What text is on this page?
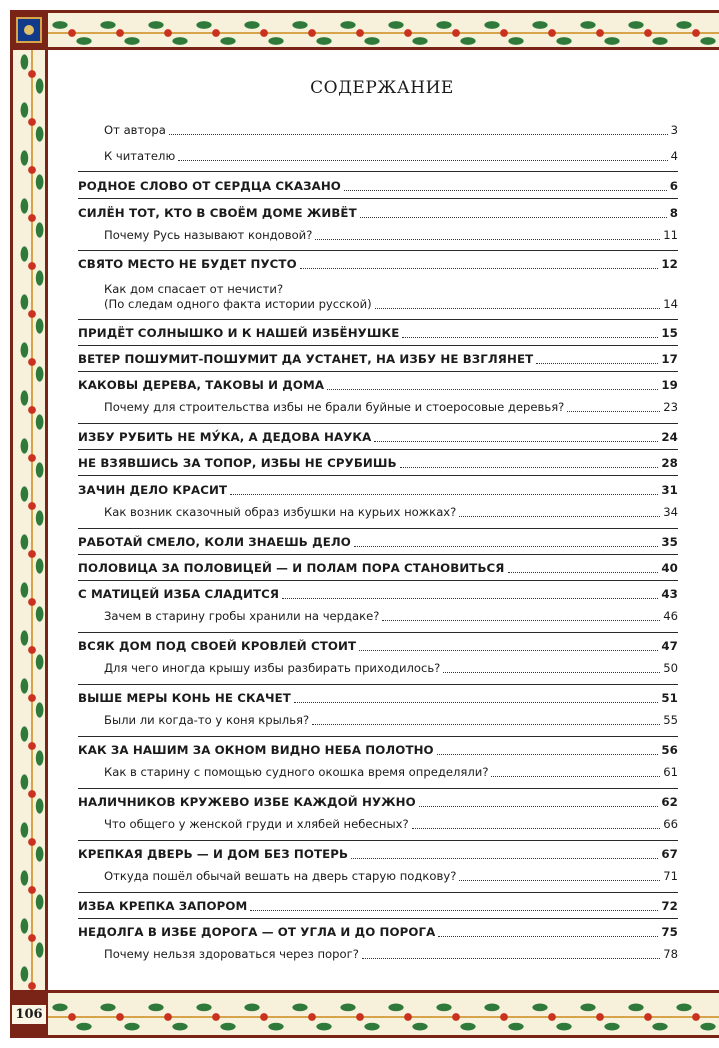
106
СОДЕРЖАНИЕ
От автора	3
К читателю	4
РОДНОЕ СЛОВО ОТ СЕРДЦА СКАЗАНО	6
СИЛЁН ТОТ, КТО В СВОЁМ ДОМЕ ЖИВЁТ	8
Почему Русь называют кондовой?	11
СВЯТО МЕСТО НЕ БУДЕТ ПУСТО	12
Как дом спасает от нечисти?
(По следам одного факта истории русской)	14
ПРИДЁТ СОЛНЫШКО И К НАШЕЙ ИЗБЁНУШКЕ	15
ВЕТЕР ПОШУМИТ-ПОШУМИТ ДА УСТАНЕТ, НА ИЗБУ НЕ ВЗГЛЯНЕТ	17
КАКОВЫ ДЕРЕВА, ТАКОВЫ И ДОМА	19
Почему для строительства избы не брали буйные и стоеросовые деревья?	23
ИЗБУ РУБИТЬ НЕ МУ́КА, А ДЕДОВА НАУКА	24
НЕ ВЗЯВШИСЬ ЗА ТОПОР, ИЗБЫ НЕ СРУБИШЬ	28
ЗАЧИН ДЕЛО КРАСИТ	31
Как возник сказочный образ избушки на курьих ножках?	34
РАБОТАЙ СМЕЛО, КОЛИ ЗНАЕШЬ ДЕЛО	35
ПОЛОВИЦА ЗА ПОЛОВИЦЕЙ — И ПОЛАМ ПОРА СТАНОВИТЬСЯ	40
С МАТИЦЕЙ ИЗБА СЛАДИТСЯ	43
Зачем в старину гробы хранили на чердаке?	46
ВСЯК ДОМ ПОД СВОЕЙ КРОВЛЕЙ СТОИТ	47
Для чего иногда крышу избы разбирать приходилось?	50
ВЫШЕ МЕРЫ КОНЬ НЕ СКАЧЕТ	51
Были ли когда-то у коня крылья?	55
КАК ЗА НАШИМ ЗА ОКНОМ ВИДНО НЕБА ПОЛОТНО	56
Как в старину с помощью судного окошка время определяли?	61
НАЛИЧНИКОВ КРУЖЕВО ИЗБЕ КАЖДОЙ НУЖНО	62
Что общего у женской груди и хлябей небесных?	66
КРЕПКАЯ ДВЕРЬ — И ДОМ БЕЗ ПОТЕРЬ	67
Откуда пошёл обычай вешать на дверь старую подкову?	71
ИЗБА КРЕПКА ЗАПОРОМ	72
НЕДОЛГА В ИЗБЕ ДОРОГА — ОТ УГЛА И ДО ПОРОГА	75
Почему нельзя здороваться через порог?	78
